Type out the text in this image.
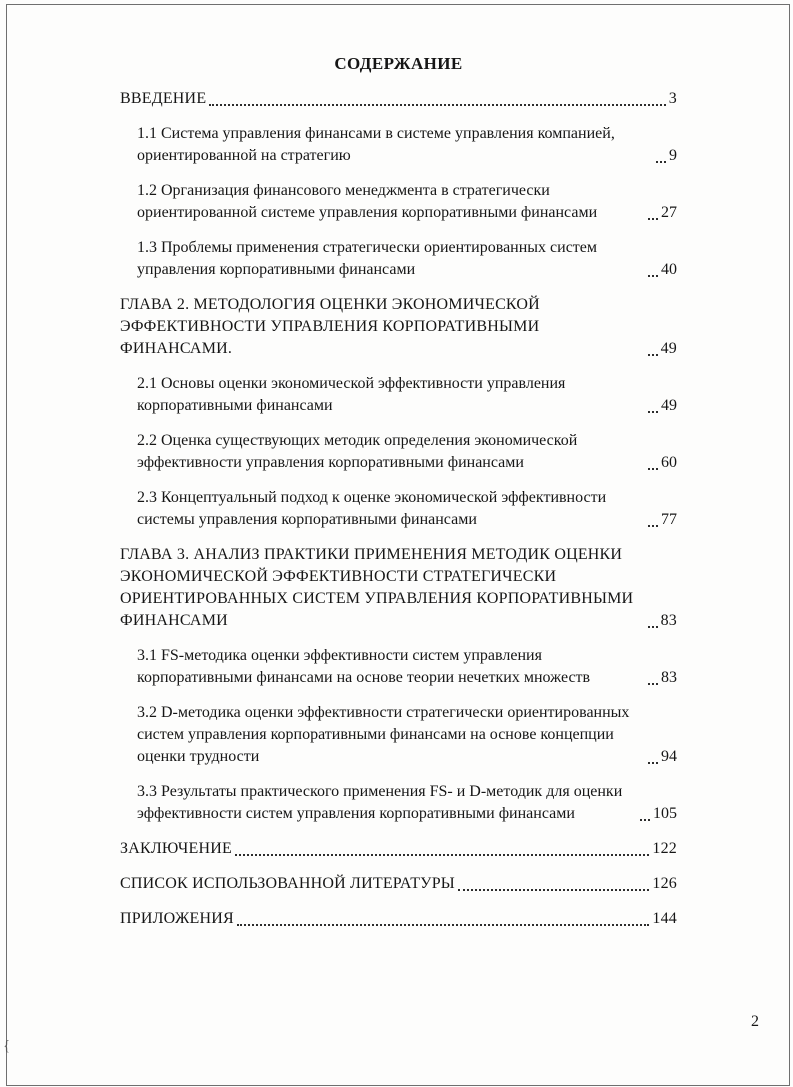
СОДЕРЖАНИЕ
ВВЕДЕНИЕ	3
1.1 Система управления финансами в системе управления компанией, ориентированной на стратегию	9
1.2 Организация финансового менеджмента в стратегически ориентированной системе управления корпоративными финансами	27
1.3 Проблемы применения стратегически ориентированных систем управления корпоративными финансами	40
ГЛАВА 2. МЕТОДОЛОГИЯ ОЦЕНКИ ЭКОНОМИЧЕСКОЙ ЭФФЕКТИВНОСТИ УПРАВЛЕНИЯ КОРПОРАТИВНЫМИ ФИНАНСАМИ.	49
2.1 Основы оценки экономической эффективности управления корпоративными финансами	49
2.2 Оценка существующих методик определения экономической эффективности управления корпоративными финансами	60
2.3 Концептуальный подход к оценке экономической эффективности системы управления корпоративными финансами	77
ГЛАВА 3. АНАЛИЗ ПРАКТИКИ ПРИМЕНЕНИЯ МЕТОДИК ОЦЕНКИ ЭКОНОМИЧЕСКОЙ ЭФФЕКТИВНОСТИ СТРАТЕГИЧЕСКИ ОРИЕНТИРОВАННЫХ СИСТЕМ УПРАВЛЕНИЯ КОРПОРАТИВНЫМИ ФИНАНСАМИ	83
3.1 FS-методика оценки эффективности систем управления корпоративными финансами на основе теории нечетких множеств	83
3.2 D-методика оценки эффективности стратегически ориентированных систем управления корпоративными финансами на основе концепции оценки трудности	94
3.3 Результаты практического применения FS- и D-методик для оценки эффективности систем управления корпоративными финансами	105
ЗАКЛЮЧЕНИЕ	122
СПИСОК ИСПОЛЬЗОВАННОЙ ЛИТЕРАТУРЫ	126
ПРИЛОЖЕНИЯ	144
2
{
